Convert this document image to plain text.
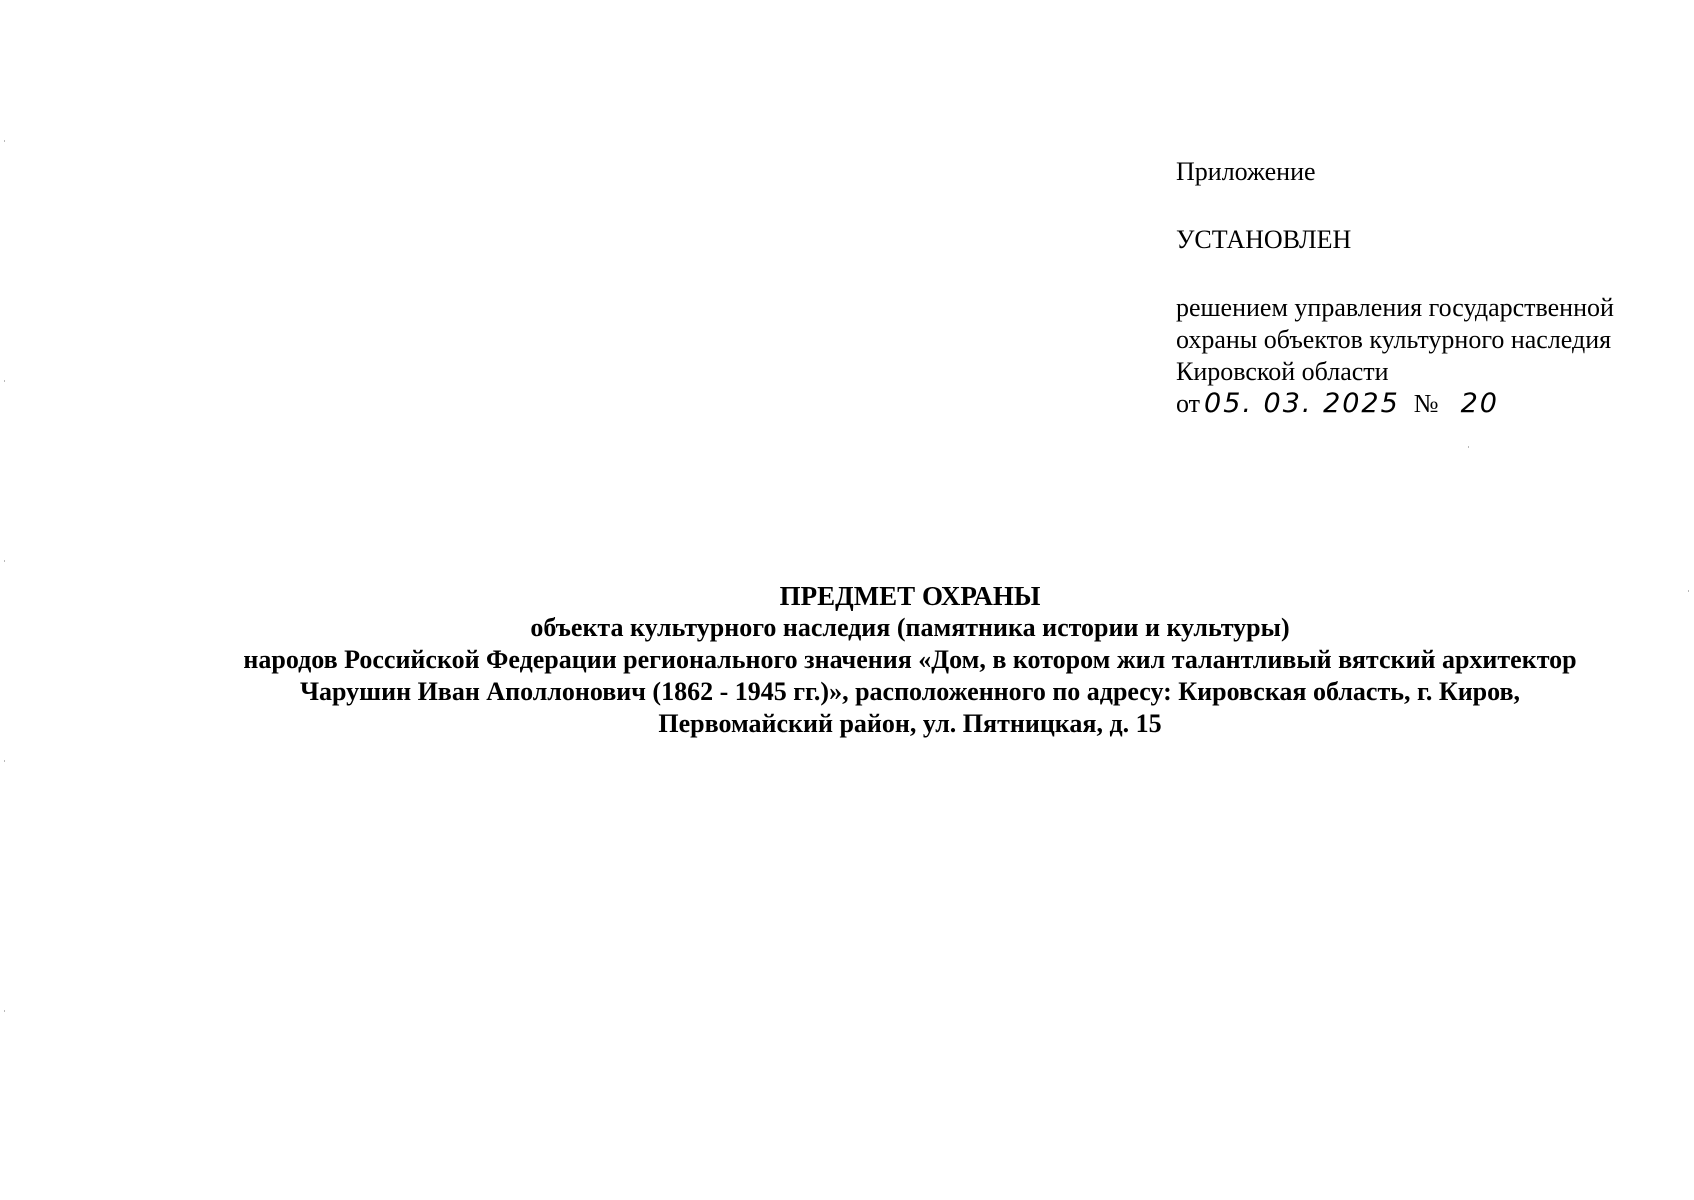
Приложение
УСТАНОВЛЕН
решением управления государственной
охраны объектов культурного наследия
Кировской области
от 05. 03. 2025 № 20
ПРЕДМЕТ ОХРАНЫ
объекта культурного наследия (памятника истории и культуры)
народов Российской Федерации регионального значения «Дом, в котором жил талантливый вятский архитектор
Чарушин Иван Аполлонович (1862 - 1945 гг.)», расположенного по адресу: Кировская область, г. Киров,
Первомайский район, ул. Пятницкая, д. 15
